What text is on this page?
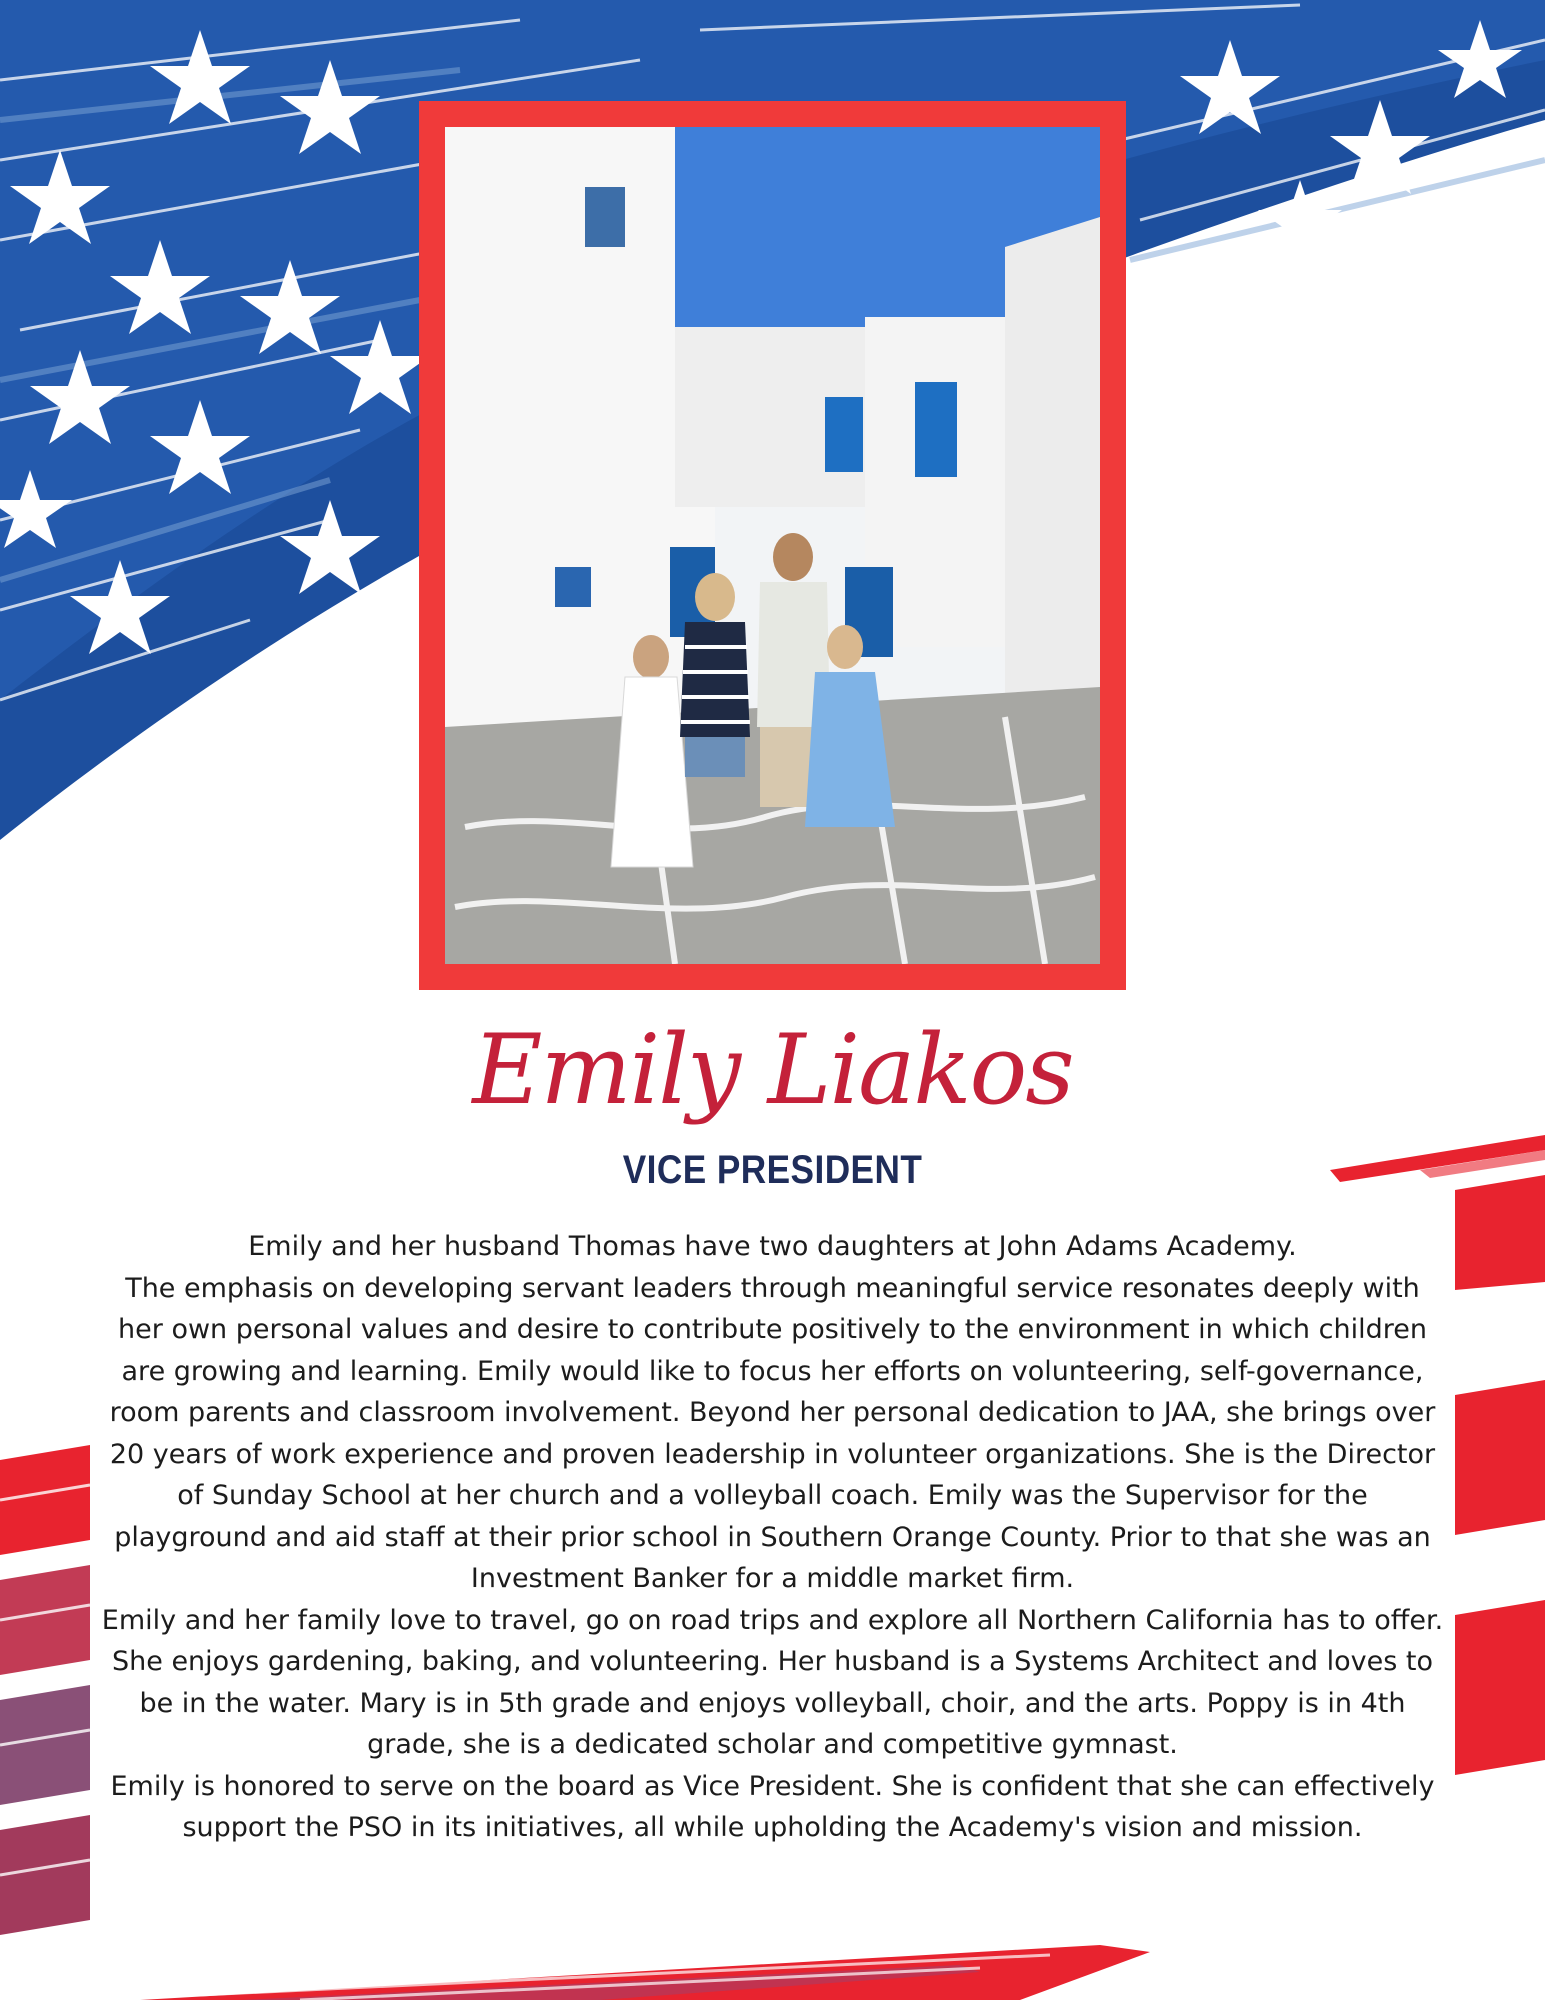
Emily Liakos
VICE PRESIDENT

Emily and her husband Thomas have two daughters at John Adams Academy.

The emphasis on developing servant leaders through meaningful service resonates deeply with her own personal values and desire to contribute positively to the environment in which children are growing and learning. Emily would like to focus her efforts on volunteering, self-governance, room parents and classroom involvement. Beyond her personal dedication to JAA, she brings over 20 years of work experience and proven leadership in volunteer organizations. She is the Director of Sunday School at her church and a volleyball coach. Emily was the Supervisor for the playground and aid staff at their prior school in Southern Orange County. Prior to that she was an Investment Banker for a middle market firm.

Emily and her family love to travel, go on road trips and explore all Northern California has to offer. She enjoys gardening, baking, and volunteering. Her husband is a Systems Architect and loves to be in the water. Mary is in 5th grade and enjoys volleyball, choir, and the arts. Poppy is in 4th grade, she is a dedicated scholar and competitive gymnast.

Emily is honored to serve on the board as Vice President. She is confident that she can effectively support the PSO in its initiatives, all while upholding the Academy's vision and mission.
